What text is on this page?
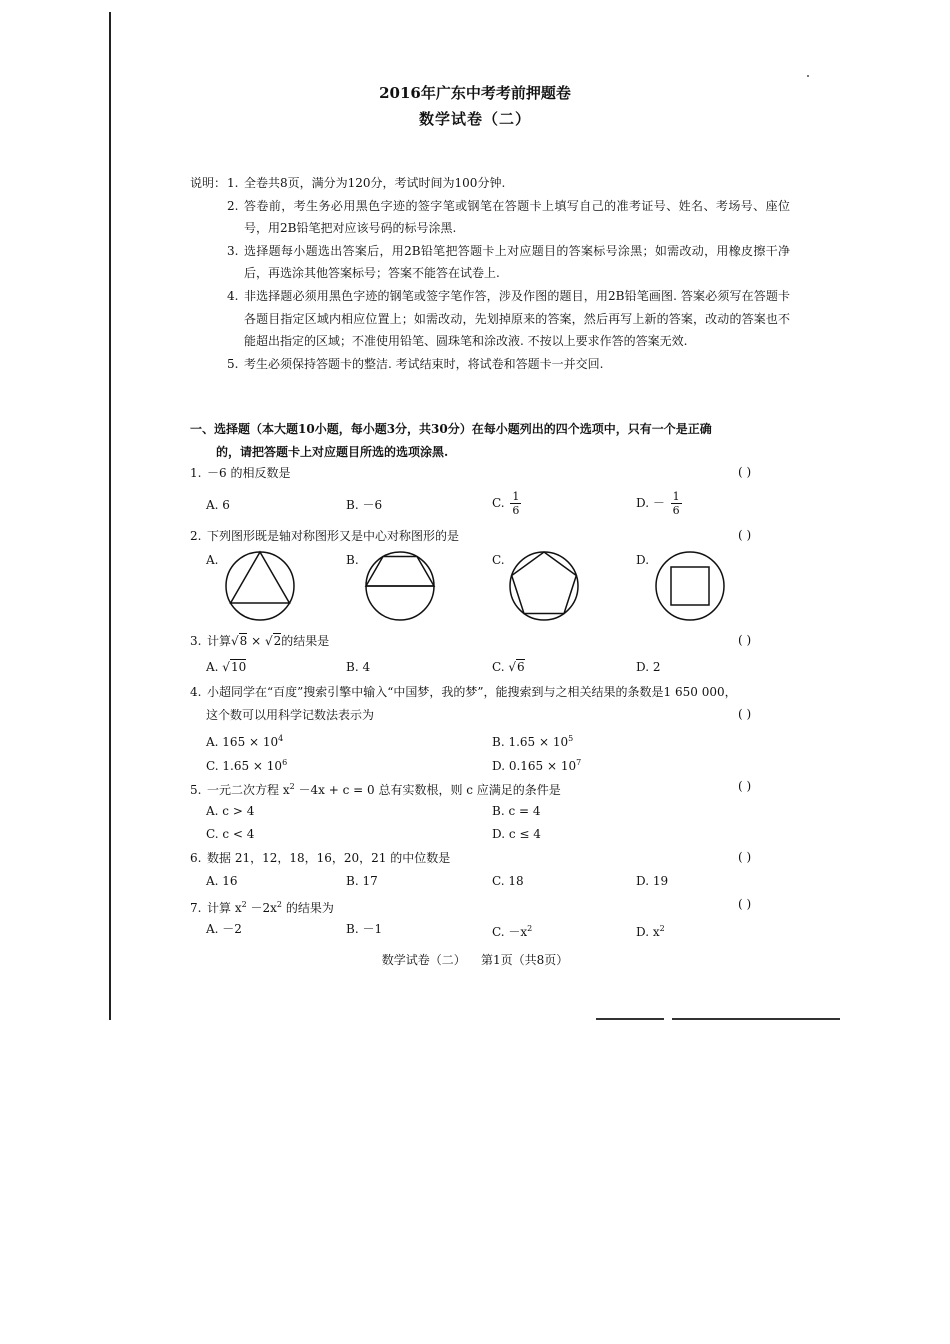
2016年广东中考考前押题卷
数学试卷（二）
说明： 1. 全卷共8页，满分为120分，考试时间为100分钟.
2. 答卷前，考生务必用黑色字迹的签字笔或钢笔在答题卡上填写自己的准考证号、姓名、考场号、座位号，用2B铅笔把对应该号码的标号涂黑.
3. 选择题每小题选出答案后，用2B铅笔把答题卡上对应题目的答案标号涂黑；如需改动，用橡皮擦干净后，再选涂其他答案标号；答案不能答在试卷上.
4. 非选择题必须用黑色字迹的钢笔或签字笔作答，涉及作图的题目，用2B铅笔画图. 答案必须写在答题卡各题目指定区域内相应位置上；如需改动，先划掉原来的答案，然后再写上新的答案，改动的答案也不能超出指定的区域；不准使用铅笔、圆珠笔和涂改液. 不按以上要求作答的答案无效.
5. 考生必须保持答题卡的整洁. 考试结束时，将试卷和答题卡一并交回.
一、选择题（本大题10小题，每小题3分，共30分）在每小题列出的四个选项中，只有一个是正确
的，请把答题卡上对应题目所选的选项涂黑.
1. －6 的相反数是	( )
A. 6	B. －6	C. $\frac{1}{6}$	D. － $\frac{1}{6}$
2. 下列图形既是轴对称图形又是中心对称图形的是	( )
A.	B.	C.	D.
3. 计算√8 × √2的结果是	( )
A. √10	B. 4	C. √6	D. 2
4. 小超同学在“百度”搜索引擎中输入“中国梦，我的梦”，能搜索到与之相关结果的条数是1 650 000，
这个数可以用科学记数法表示为	( )
A. $165 \times 10^4$	B. $1.65 \times 10^5$
C. $1.65 \times 10^6$	D. $0.165 \times 10^7$
5. 一元二次方程 $x^2 -4x + c = 0$ 总有实数根，则 c 应满足的条件是	( )
A. c > 4	B. c = 4
C. c < 4	D. c ≤ 4
6. 数据 21，12，18，16，20，21 的中位数是	( )
A. 16	B. 17	C. 18	D. 19
7. 计算 $x^2 -2x^2$ 的结果为	( )
A. －2	B. －1	C. $-x^2$	D. $x^2$
数学试卷（二）    第1页（共8页）
